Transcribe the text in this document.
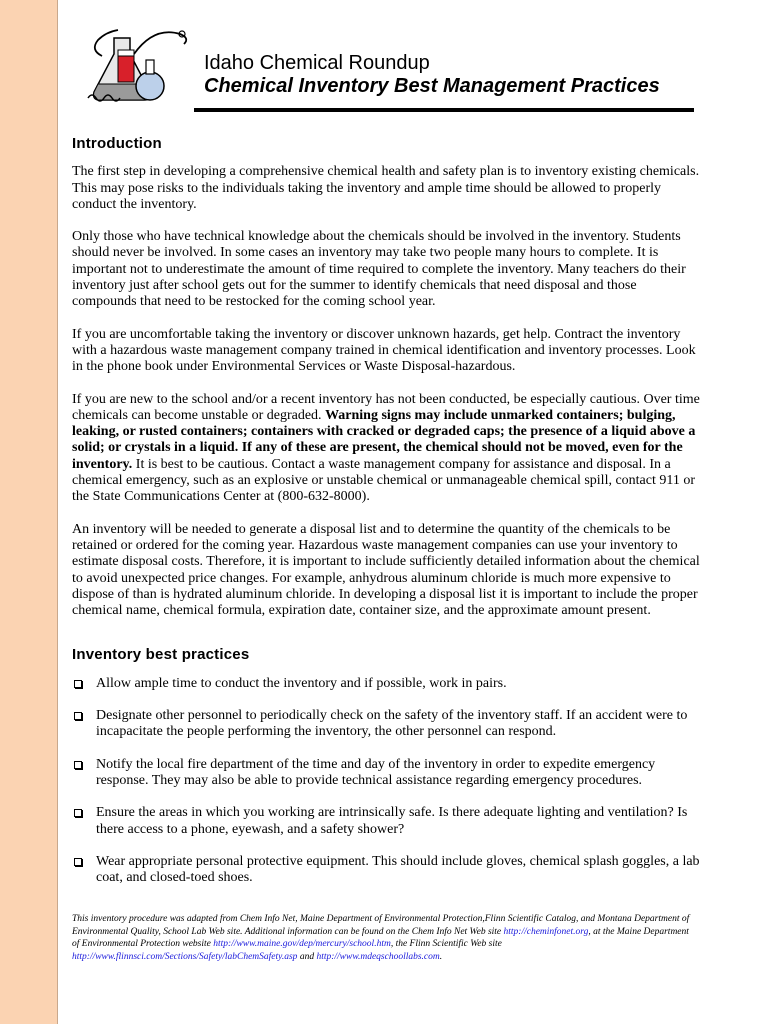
Idaho Chemical Roundup
Chemical Inventory Best Management Practices
Introduction

The first step in developing a comprehensive chemical health and safety plan is to inventory existing chemicals. This may pose risks to the individuals taking the inventory and ample time should be allowed to properly conduct the inventory.

Only those who have technical knowledge about the chemicals should be involved in the inventory. Students should never be involved. In some cases an inventory may take two people many hours to complete. It is important not to underestimate the amount of time required to complete the inventory. Many teachers do their inventory just after school gets out for the summer to identify chemicals that need disposal and those compounds that need to be restocked for the coming school year.

If you are uncomfortable taking the inventory or discover unknown hazards, get help. Contract the inventory with a hazardous waste management company trained in chemical identification and inventory processes. Look in the phone book under Environmental Services or Waste Disposal-hazardous.

If you are new to the school and/or a recent inventory has not been conducted, be especially cautious. Over time chemicals can become unstable or degraded. Warning signs may include unmarked containers; bulging, leaking, or rusted containers; containers with cracked or degraded caps; the presence of a liquid above a solid; or crystals in a liquid. If any of these are present, the chemical should not be moved, even for the inventory. It is best to be cautious. Contact a waste management company for assistance and disposal. In a chemical emergency, such as an explosive or unstable chemical or unmanageable chemical spill, contact 911 or the State Communications Center at (800-632-8000).

An inventory will be needed to generate a disposal list and to determine the quantity of the chemicals to be retained or ordered for the coming year. Hazardous waste management companies can use your inventory to estimate disposal costs. Therefore, it is important to include sufficiently detailed information about the chemical to avoid unexpected price changes. For example, anhydrous aluminum chloride is much more expensive to dispose of than is hydrated aluminum chloride. In developing a disposal list it is important to include the proper chemical name, chemical formula, expiration date, container size, and the approximate amount present.

Inventory best practices
Allow ample time to conduct the inventory and if possible, work in pairs.
Designate other personnel to periodically check on the safety of the inventory staff. If an accident were to incapacitate the people performing the inventory, the other personnel can respond.
Notify the local fire department of the time and day of the inventory in order to expedite emergency response. They may also be able to provide technical assistance regarding emergency procedures.
Ensure the areas in which you working are intrinsically safe. Is there adequate lighting and ventilation? Is there access to a phone, eyewash, and a safety shower?
Wear appropriate personal protective equipment. This should include gloves, chemical splash goggles, a lab coat, and closed-toed shoes.
This inventory procedure was adapted from Chem Info Net, Maine Department of Environmental Protection,Flinn Scientific Catalog, and Montana Department of Environmental Quality, School Lab Web site. Additional information can be found on the Chem Info Net Web site http://cheminfonet.org, at the Maine Department of Environmental Protection website http://www.maine.gov/dep/mercury/school.htm, the Flinn Scientific Web site http://www.flinnsci.com/Sections/Safety/labChemSafety.asp and http://www.mdeqschoollabs.com.
